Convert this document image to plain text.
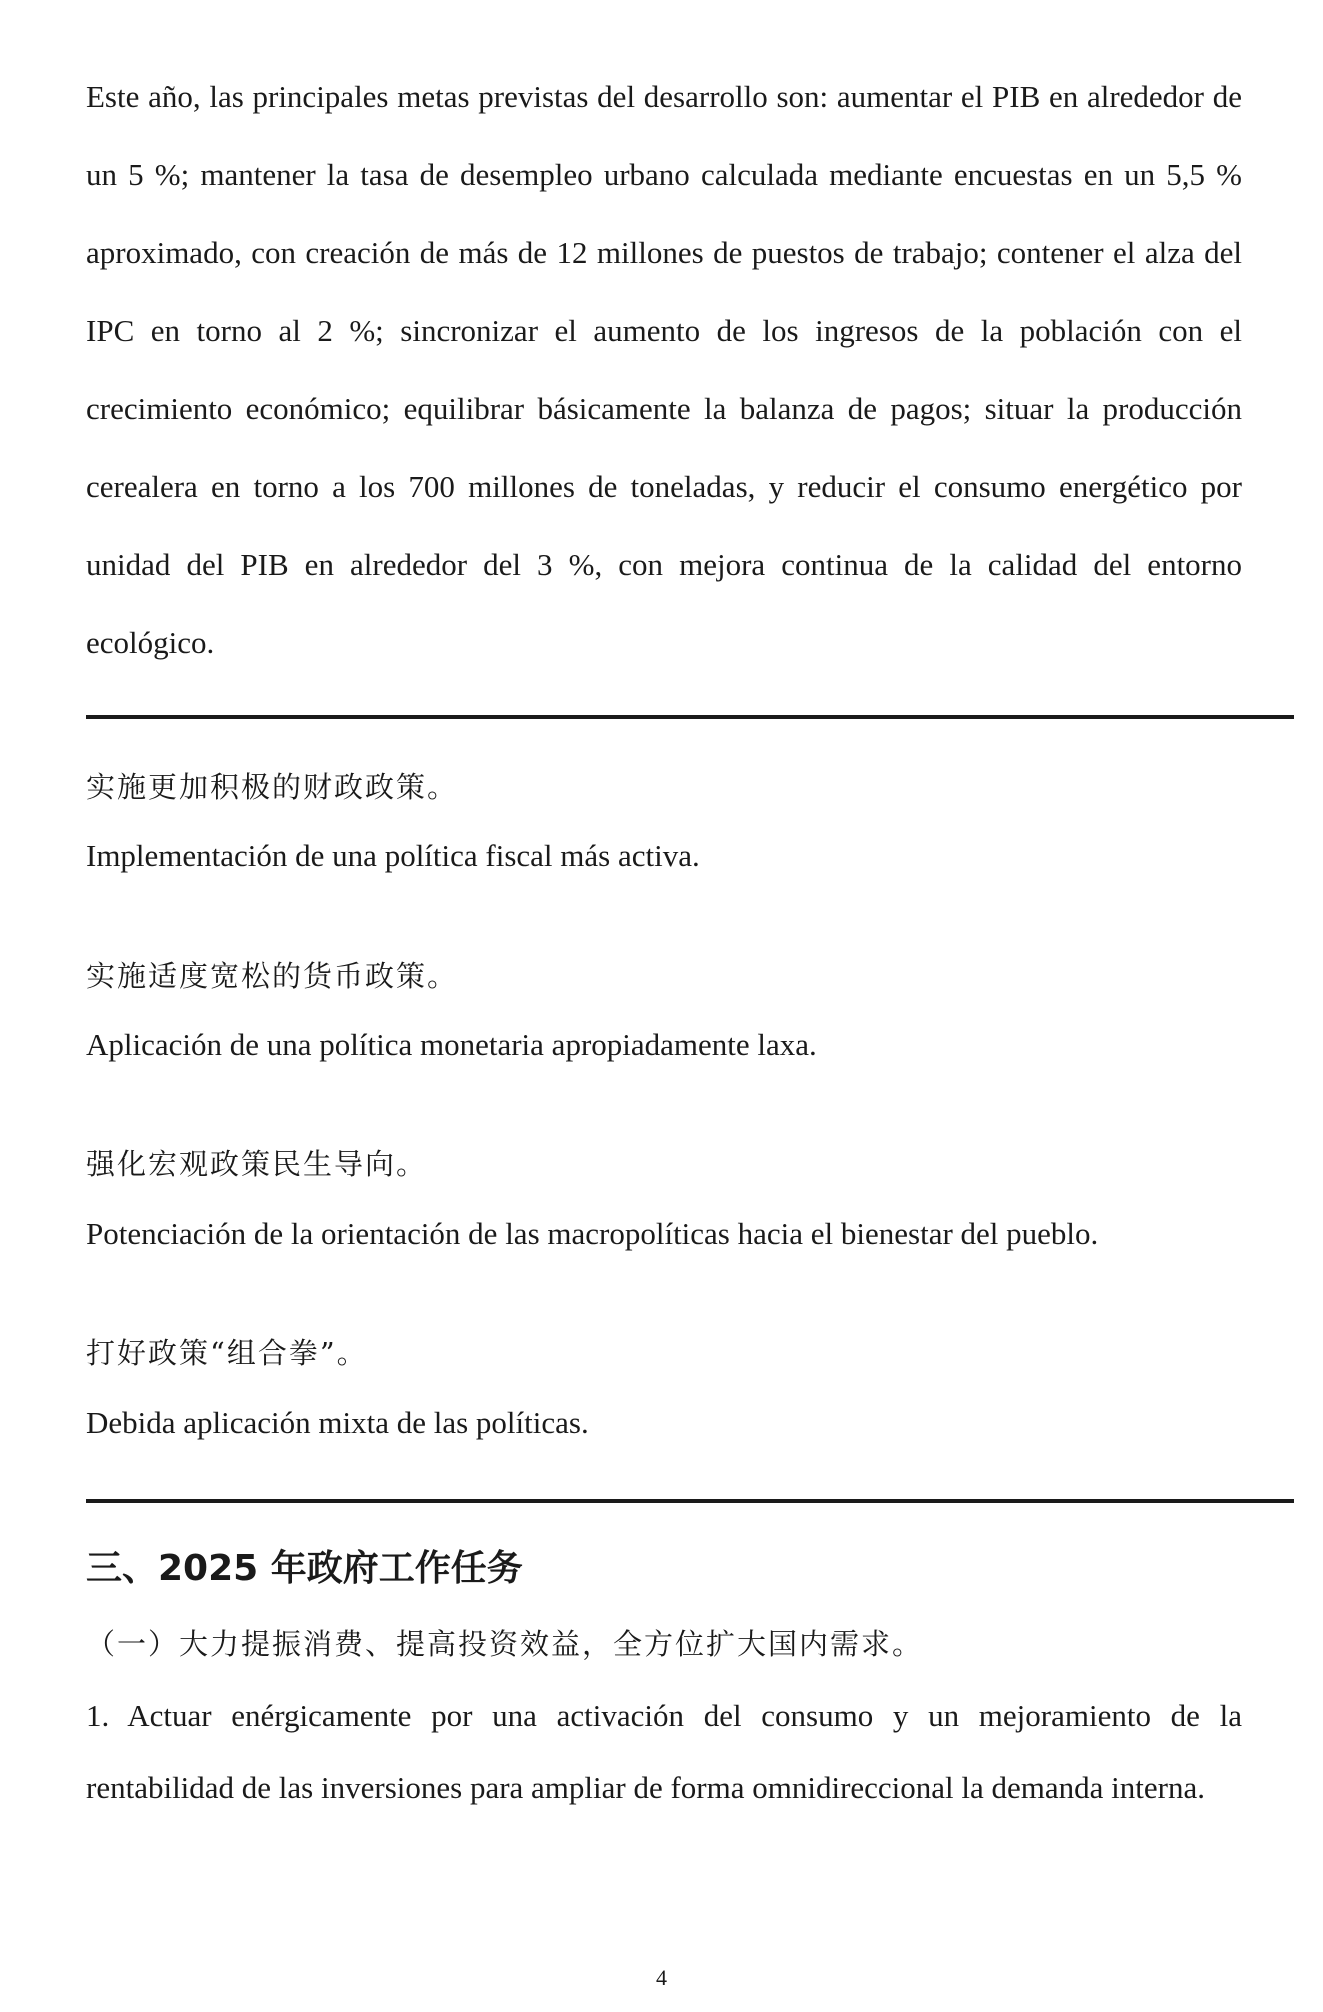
Este año, las principales metas previstas del desarrollo son: aumentar el PIB en alrededor de un 5 %; mantener la tasa de desempleo urbano calculada mediante encuestas en un 5,5 % aproximado, con creación de más de 12 millones de puestos de trabajo; contener el alza del IPC en torno al 2 %; sincronizar el aumento de los ingresos de la población con el crecimiento económico; equilibrar básicamente la balanza de pagos; situar la producción cerealera en torno a los 700 millones de toneladas, y reducir el consumo energético por unidad del PIB en alrededor del 3 %, con mejora continua de la calidad del entorno ecológico.

实施更加积极的财政政策。
Implementación de una política fiscal más activa.
实施适度宽松的货币政策。
Aplicación de una política monetaria apropiadamente laxa.
强化宏观政策民生导向。
Potenciación de la orientación de las macropolíticas hacia el bienestar del pueblo.
打好政策“组合拳”。
Debida aplicación mixta de las políticas.
三、2025 年政府工作任务
（一）大力提振消费、提高投资效益，全方位扩大国内需求。

1. Actuar enérgicamente por una activación del consumo y un mejoramiento de la rentabilidad de las inversiones para ampliar de forma omnidireccional la demanda interna.

4
